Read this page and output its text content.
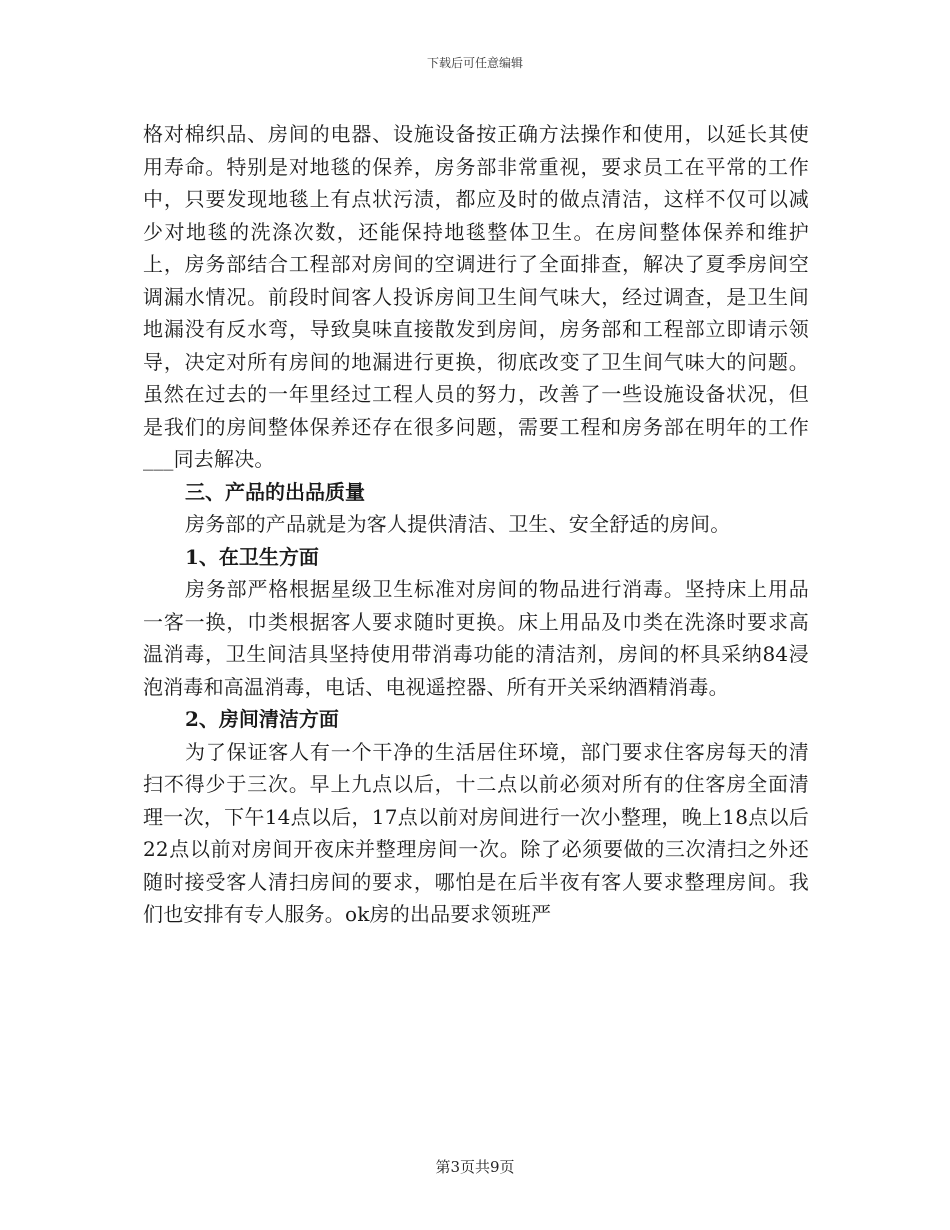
下载后可任意编辑

格对棉织品、房间的电器、设施设备按正确方法操作和使用，以延长其使用寿命。特别是对地毯的保养，房务部非常重视，要求员工在平常的工作中，只要发现地毯上有点状污渍，都应及时的做点清洁，这样不仅可以减少对地毯的洗涤次数，还能保持地毯整体卫生。在房间整体保养和维护上，房务部结合工程部对房间的空调进行了全面排查，解决了夏季房间空调漏水情况。前段时间客人投诉房间卫生间气味大，经过调查，是卫生间地漏没有反水弯，导致臭味直接散发到房间，房务部和工程部立即请示领导，决定对所有房间的地漏进行更换，彻底改变了卫生间气味大的问题。虽然在过去的一年里经过工程人员的努力，改善了一些设施设备状况，但是我们的房间整体保养还存在很多问题，需要工程和房务部在明年的工作___同去解决。

三、产品的出品质量

房务部的产品就是为客人提供清洁、卫生、安全舒适的房间。

1、在卫生方面

房务部严格根据星级卫生标准对房间的物品进行消毒。坚持床上用品一客一换，巾类根据客人要求随时更换。床上用品及巾类在洗涤时要求高温消毒，卫生间洁具坚持使用带消毒功能的清洁剂，房间的杯具采纳84浸泡消毒和高温消毒，电话、电视遥控器、所有开关采纳酒精消毒。

2、房间清洁方面

为了保证客人有一个干净的生活居住环境，部门要求住客房每天的清扫不得少于三次。早上九点以后，十二点以前必须对所有的住客房全面清理一次，下午14点以后，17点以前对房间进行一次小整理，晚上18点以后22点以前对房间开夜床并整理房间一次。除了必须要做的三次清扫之外还随时接受客人清扫房间的要求，哪怕是在后半夜有客人要求整理房间。我们也安排有专人服务。ok房的出品要求领班严

第3页共9页
